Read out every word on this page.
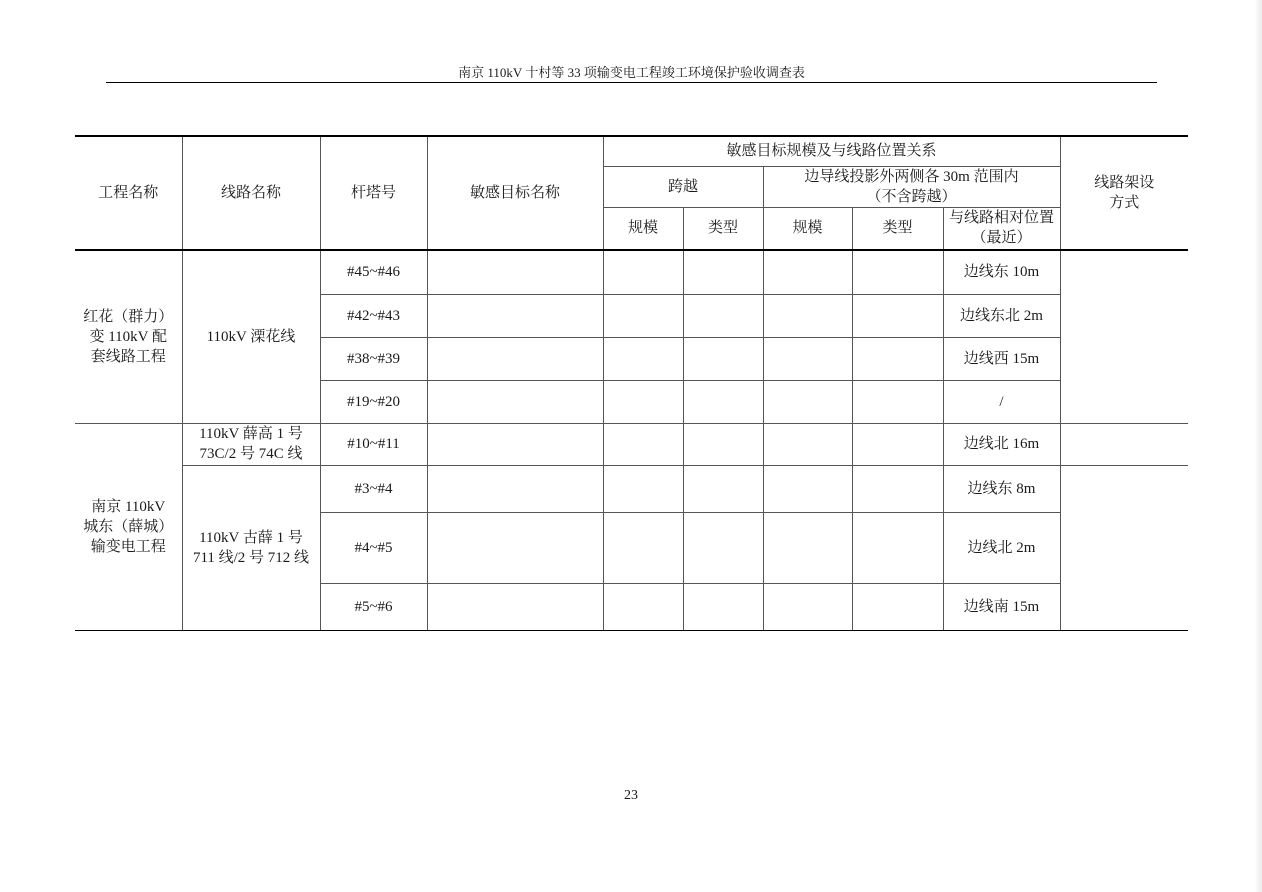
南京 110kV 十村等 33 项输变电工程竣工环境保护验收调查表
工程名称	线路名称	杆塔号	敏感目标名称	敏感目标规模及与线路位置关系					线路架设
方式
				跨越		边导线投影外两侧各 30m 范围内
（不含跨越）			
				规模	类型	规模	类型	与线路相对位置
（最近）	
红花（群力）
变 110kV 配
套线路工程	110kV 溧花线	#45~#46						边线东 10m	
		#42~#43						边线东北 2m	
		#38~#39						边线西 15m	
		#19~#20						/	
南京 110kV
城东（薛城）
输变电工程	110kV 薛高 1 号
73C/2 号 74C 线	#10~#11						边线北 16m	
	110kV 古薛 1 号
711 线/2 号 712 线	#3~#4						边线东 8m	
		#4~#5						边线北 2m	
		#5~#6						边线南 15m	
23
